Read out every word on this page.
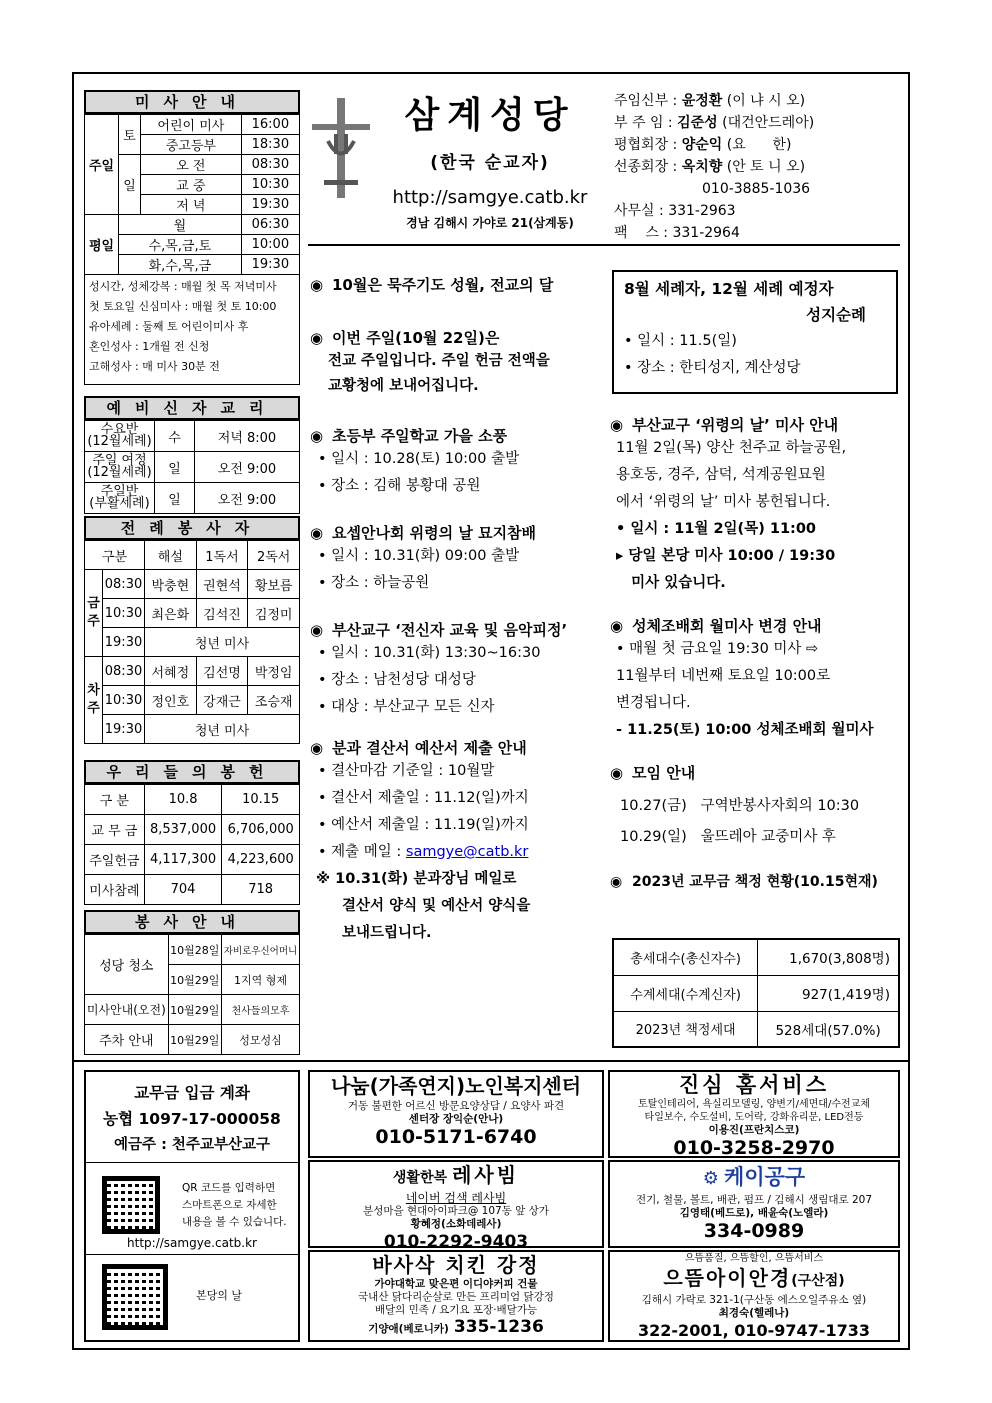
미사안내
주일	토	어린이 미사	16:00
		중고등부	18:30
	일	오 전	08:30
		교 중	10:30
		저 녁	19:30
평일	월		06:30
	수,목,금,토		10:00
	화,수,목,금		19:30
성시간, 성체강복 : 매월 첫 목 저녁미사
첫 토요일 신심미사 : 매월 첫 토 10:00
유아세례 : 둘째 토 어린이미사 후
혼인성사 : 1개월 전 신청
고해성사 : 매 미사 30분 전
예비신자교리
수요반
(12월세례)	수	저녁 8:00

주일 여정
(12월세례)	일	오전 9:00

주일반
(부활세례)	일	오전 9:00
전례봉사자
구분		해설	1독서	2독서
금주	08:30	박충현	권현석	황보름
	10:30	최은화	김석진	김정미
	19:30	청년 미사		
차주	08:30	서혜정	김선명	박정임
	10:30	정인호	강재근	조승재
	19:30	청년 미사		
우리들의봉헌
구 분	10.8	10.15
교 무 금	8,537,000	6,706,000
주일헌금	4,117,300	4,223,600
미사참례	704	718
봉사안내
성당 청소	10월28일	자비로우신어머니
	10월29일	1지역 형제
미사안내(오전)	10월29일	천사들의모후
주차 안내	10월29일	성모성심
삼계성당
(한국 순교자)
http://samgye.catb.kr
경남 김해시 가야로 21(삼계동)
주임신부 : 윤정환 (이 냐 시 오)
부 주 임 : 김준성 (대건안드레아)
평협회장 : 양순익 (요      한)
선종회장 : 옥치향 (안 토 니 오)
010-3885-1036
사무실 : 331-2963
팩    스 : 331-2964
◉ 10월은 묵주기도 성월, 전교의 달
◉ 이번 주일(10월 22일)은
전교 주일입니다. 주일 헌금 전액을
교황청에 보내어집니다.
◉ 초등부 주일학교 가을 소풍
• 일시 : 10.28(토) 10:00 출발
• 장소 : 김해 봉황대 공원
◉ 요셉안나회 위령의 날 묘지참배
• 일시 : 10.31(화) 09:00 출발
• 장소 : 하늘공원
◉ 부산교구 ‘전신자 교육 및 음악피정’
• 일시 : 10.31(화) 13:30~16:30
• 장소 : 남천성당 대성당
• 대상 : 부산교구 모든 신자
◉ 분과 결산서 예산서 제출 안내
• 결산마감 기준일 : 10월말
• 결산서 제출일 : 11.12(일)까지
• 예산서 제출일 : 11.19(일)까지
• 제출 메일 : samgye@catb.kr
※ 10.31(화) 분과장님 메일로
결산서 양식 및 예산서 양식을
보내드립니다.
8월 세례자, 12월 세례 예정자
성지순례
• 일시 : 11.5(일)
• 장소 : 한티성지, 계산성당
◉ 부산교구 ‘위령의 날’ 미사 안내
11월 2일(목) 양산 천주교 하늘공원,
용호동, 경주, 삼덕, 석계공원묘원
에서 ‘위령의 날’ 미사 봉헌됩니다.
• 일시 : 11월 2일(목) 11:00
▸ 당일 본당 미사 10:00 / 19:30
미사 있습니다.
◉ 성체조배회 월미사 변경 안내
• 매월 첫 금요일 19:30 미사 ⇨
11월부터 네번째 토요일 10:00로
변경됩니다.
- 11.25(토) 10:00 성체조배회 월미사
◉ 모임 안내
10.27(금)   구역반봉사자회의 10:30
10.29(일)   울뜨레아 교중미사 후
◉ 2023년 교무금 책정 현황(10.15현재)
총세대수(총신자수)	1,670(3,808명)
수계세대(수계신자)	927(1,419명)
2023년 책정세대	528세대(57.0%)
교무금 입금 계좌
농협 1097-17-000058
예금주 : 천주교부산교구
QR 코드를 입력하면
스마트폰으로 자세한
내용을 볼 수 있습니다.
http://samgye.catb.kr
본당의 날
나눔(가족연지)노인복지센터
거동 불편한 어르신 방문요양상담 / 요양사 파견
센터장 장익순(안나)
010-5171-6740
진심 홈서비스
토탈인테리어, 욕실리모델링, 양변기/세면대/수전교체
타일보수, 수도설비, 도어락, 강화유리문, LED전등
이용진(프란치스코)
010-3258-2970
생활한복 레사빔
네이버 검색 레사빔
분성마을 현대아이파크@ 107동 앞 상가
황혜정(소화데레사)
010-2292-9403
⚙ 케이공구
전기, 철물, 볼트, 배관, 펌프 / 김해시 생림대로 207
김영태(베드로), 배윤숙(노엘라)
334-0989
바사삭 치킨 강정
가야대학교 맞은편 이디야커피 건물
국내산 닭다리순살로 만든 프리미엄 닭강정
배달의 민족 / 요기요 포장·배달가능
기양애(베로니카) 335-1236
으뜸품질, 으뜸할인, 으뜸서비스
으뜸아이안경(구산점)
김해시 가락로 321-1(구산동 에스오일주유소 옆)
최경숙(헬레나)
322-2001, 010-9747-1733
